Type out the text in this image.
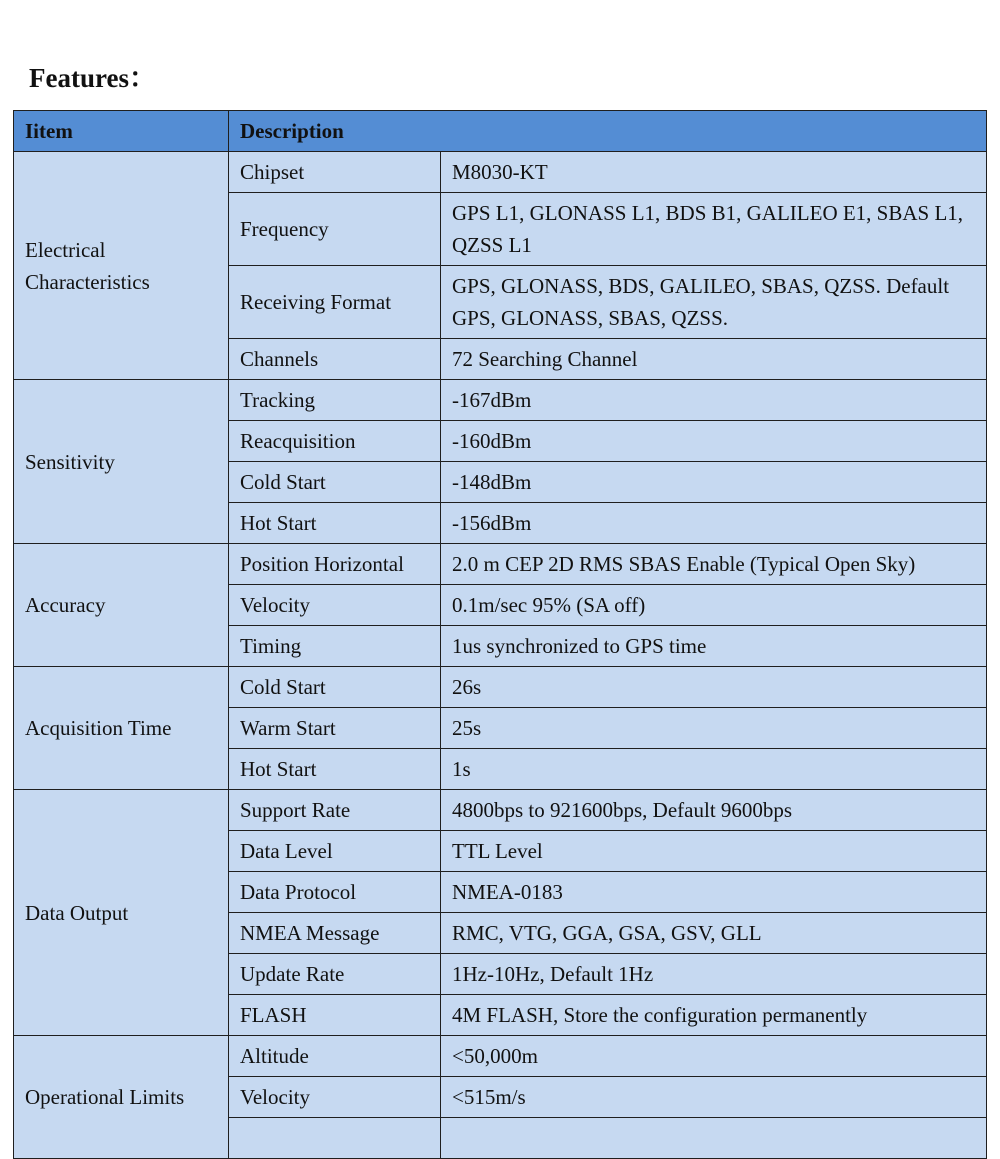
Features：
Iitem	Description	
Electrical Characteristics	Chipset	M8030-KT
	Frequency	GPS L1, GLONASS L1, BDS B1, GALILEO E1, SBAS L1, QZSS L1
	Receiving Format	GPS, GLONASS, BDS, GALILEO, SBAS, QZSS. Default GPS, GLONASS, SBAS, QZSS.
	Channels	72 Searching Channel
Sensitivity	Tracking	-167dBm
	Reacquisition	-160dBm
	Cold Start	-148dBm
	Hot Start	-156dBm
Accuracy	Position Horizontal	2.0 m CEP 2D RMS SBAS Enable (Typical Open Sky)
	Velocity	0.1m/sec 95% (SA off)
	Timing	1us synchronized to GPS time
Acquisition Time	Cold Start	26s
	Warm Start	25s
	Hot Start	1s
Data Output	Support Rate	4800bps to 921600bps, Default 9600bps
	Data Level	TTL Level
	Data Protocol	NMEA-0183
	NMEA Message	RMC, VTG, GGA, GSA, GSV, GLL
	Update Rate	1Hz-10Hz, Default 1Hz
	FLASH	4M FLASH, Store the configuration permanently
Operational Limits	Altitude	<50,000m
	Velocity	<515m/s
